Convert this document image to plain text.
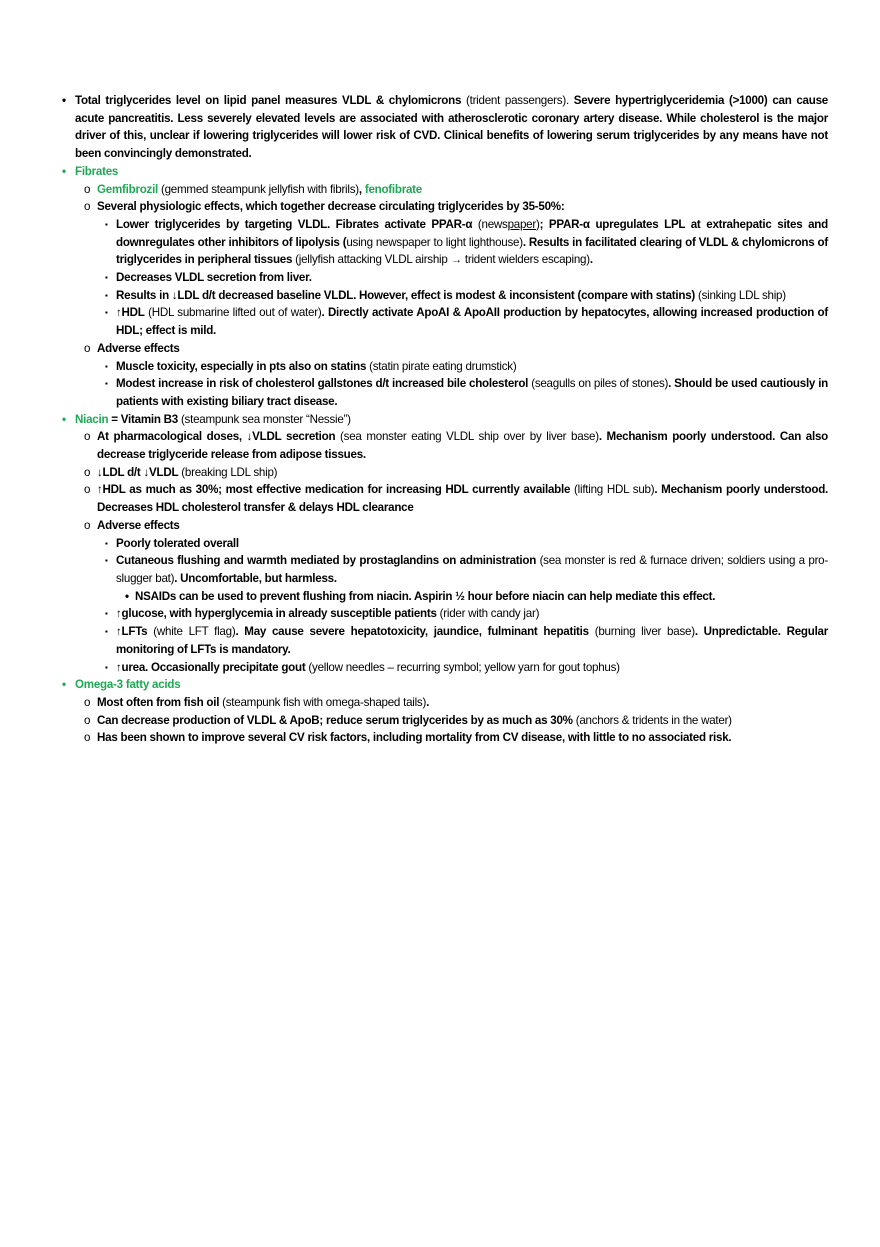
• Total triglycerides level on lipid panel measures VLDL & chylomicrons (trident passengers). Severe hypertriglyceridemia (>1000) can cause acute pancreatitis. Less severely elevated levels are associated with atherosclerotic coronary artery disease. While cholesterol is the major driver of this, unclear if lowering triglycerides will lower risk of CVD. Clinical benefits of lowering serum triglycerides by any means have not been convincingly demonstrated.
• Fibrates
o Gemfibrozil (gemmed steampunk jellyfish with fibrils), fenofibrate
o Several physiologic effects, which together decrease circulating triglycerides by 35-50%:
▪ Lower triglycerides by targeting VLDL. Fibrates activate PPAR-α (newspaper); PPAR-α upregulates LPL at extrahepatic sites and downregulates other inhibitors of lipolysis (using newspaper to light lighthouse). Results in facilitated clearing of VLDL & chylomicrons of triglycerides in peripheral tissues (jellyfish attacking VLDL airship → trident wielders escaping).
▪ Decreases VLDL secretion from liver.
▪ Results in ↓LDL d/t decreased baseline VLDL. However, effect is modest & inconsistent (compare with statins) (sinking LDL ship)
▪ ↑HDL (HDL submarine lifted out of water). Directly activate ApoAI & ApoAII production by hepatocytes, allowing increased production of HDL; effect is mild.
o Adverse effects
▪ Muscle toxicity, especially in pts also on statins (statin pirate eating drumstick)
▪ Modest increase in risk of cholesterol gallstones d/t increased bile cholesterol (seagulls on piles of stones). Should be used cautiously in patients with existing biliary tract disease.
• Niacin = Vitamin B3 (steampunk sea monster “Nessie”)
o At pharmacological doses, ↓VLDL secretion (sea monster eating VLDL ship over by liver base). Mechanism poorly understood. Can also decrease triglyceride release from adipose tissues.
o ↓LDL d/t ↓VLDL (breaking LDL ship)
o ↑HDL as much as 30%; most effective medication for increasing HDL currently available (lifting HDL sub). Mechanism poorly understood. Decreases HDL cholesterol transfer & delays HDL clearance
o Adverse effects
▪ Poorly tolerated overall
▪ Cutaneous flushing and warmth mediated by prostaglandins on administration (sea monster is red & furnace driven; soldiers using a pro-slugger bat). Uncomfortable, but harmless.
• NSAIDs can be used to prevent flushing from niacin. Aspirin ½ hour before niacin can help mediate this effect.
▪ ↑glucose, with hyperglycemia in already susceptible patients (rider with candy jar)
▪ ↑LFTs (white LFT flag). May cause severe hepatotoxicity, jaundice, fulminant hepatitis (burning liver base). Unpredictable. Regular monitoring of LFTs is mandatory.
▪ ↑urea. Occasionally precipitate gout (yellow needles – recurring symbol; yellow yarn for gout tophus)
• Omega-3 fatty acids
o Most often from fish oil (steampunk fish with omega-shaped tails).
o Can decrease production of VLDL & ApoB; reduce serum triglycerides by as much as 30% (anchors & tridents in the water)
o Has been shown to improve several CV risk factors, including mortality from CV disease, with little to no associated risk.
